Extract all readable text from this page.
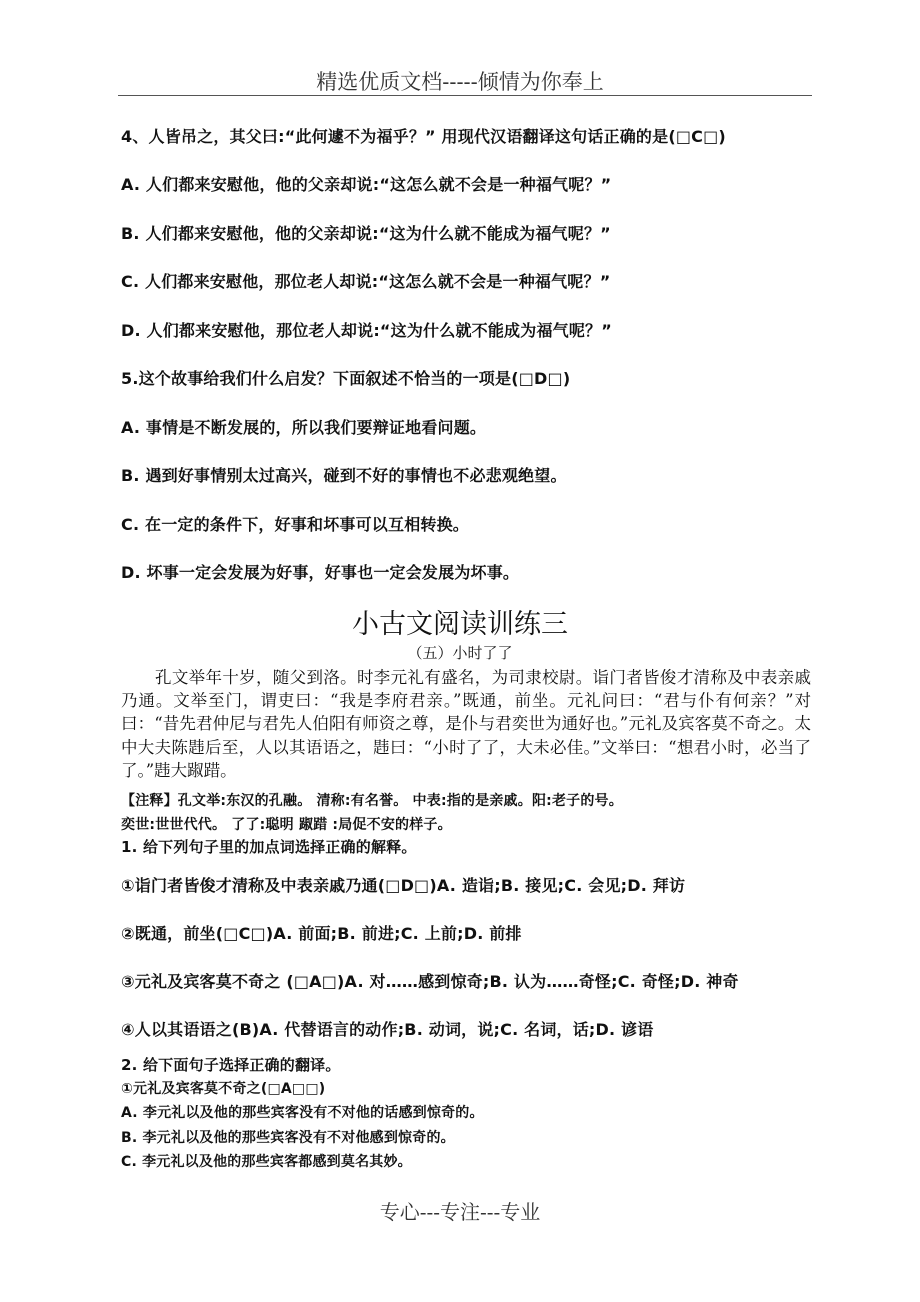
精选优质文档-----倾情为你奉上
4、人皆吊之，其父曰:“此何遽不为福乎？” 用现代汉语翻译这句话正确的是(□C□)
A. 人们都来安慰他，他的父亲却说:“这怎么就不会是一种福气呢？”
B. 人们都来安慰他，他的父亲却说:“这为什么就不能成为福气呢？”
C. 人们都来安慰他，那位老人却说:“这怎么就不会是一种福气呢？”
D. 人们都来安慰他，那位老人却说:“这为什么就不能成为福气呢？”
5.这个故事给我们什么启发？下面叙述不恰当的一项是(□D□)
A. 事情是不断发展的，所以我们要辩证地看问题。
B. 遇到好事情别太过高兴，碰到不好的事情也不必悲观绝望。
C. 在一定的条件下，好事和坏事可以互相转换。
D. 坏事一定会发展为好事，好事也一定会发展为坏事。
小古文阅读训练三
（五）小时了了
孔文举年十岁，随父到洛。时李元礼有盛名，为司隶校尉。诣门者皆俊才清称及中表亲戚乃通。文举至门，谓吏曰：“我是李府君亲。”既通，前坐。元礼问曰：“君与仆有何亲？”对曰：“昔先君仲尼与君先人伯阳有师资之尊，是仆与君奕世为通好也。”元礼及宾客莫不奇之。太中大夫陈韪后至，人以其语语之，韪曰：“小时了了，大未必佳。”文举曰：“想君小时，必当了了。”韪大踧踖。
【注释】孔文举:东汉的孔融。 清称:有名誉。 中表:指的是亲戚。阳:老子的号。
奕世:世世代代。 了了:聪明 踧踖 :局促不安的样子。
1. 给下列句子里的加点词选择正确的解释。
①诣门者皆俊才清称及中表亲戚乃通(□D□)A. 造诣;B. 接见;C. 会见;D. 拜访
②既通，前坐(□C□)A. 前面;B. 前进;C. 上前;D. 前排
③元礼及宾客莫不奇之 (□A□)A. 对……感到惊奇;B. 认为……奇怪;C. 奇怪;D. 神奇
④人以其语语之(B)A. 代替语言的动作;B. 动词，说;C. 名词，话;D. 谚语
2. 给下面句子选择正确的翻译。
①元礼及宾客莫不奇之(□A□□)
A. 李元礼以及他的那些宾客没有不对他的话感到惊奇的。
B. 李元礼以及他的那些宾客没有不对他感到惊奇的。
C. 李元礼以及他的那些宾客都感到莫名其妙。
专心---专注---专业
